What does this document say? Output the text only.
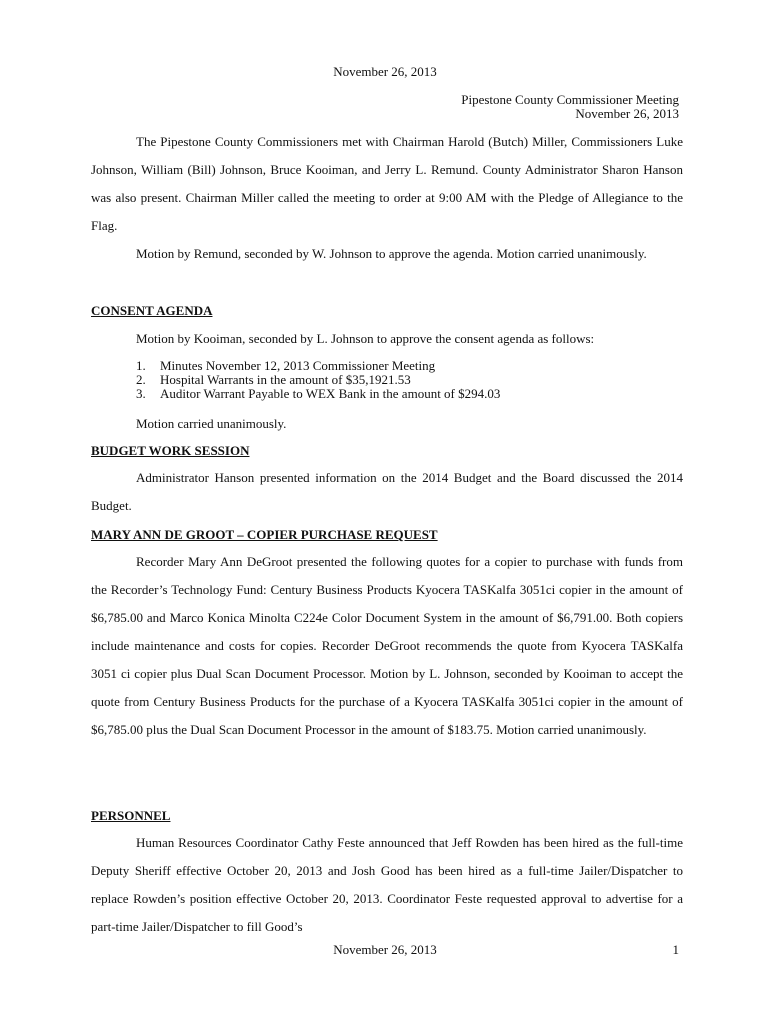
November 26, 2013
Pipestone County Commissioner Meeting
November 26, 2013

The Pipestone County Commissioners met with Chairman Harold (Butch) Miller, Commissioners Luke Johnson, William (Bill) Johnson, Bruce Kooiman, and Jerry L. Remund. County Administrator Sharon Hanson was also present. Chairman Miller called the meeting to order at 9:00 AM with the Pledge of Allegiance to the Flag.

Motion by Remund, seconded by W. Johnson to approve the agenda. Motion carried unanimously.

CONSENT AGENDA
Motion by Kooiman, seconded by L. Johnson to approve the consent agenda as follows:
1.	Minutes November 12, 2013 Commissioner Meeting
2.	Hospital Warrants in the amount of $35,1921.53
3.	Auditor Warrant Payable to WEX Bank in the amount of $294.03
Motion carried unanimously.
BUDGET WORK SESSION

Administrator Hanson presented information on the 2014 Budget and the Board discussed the 2014 Budget.

MARY ANN DE GROOT – COPIER PURCHASE REQUEST

Recorder Mary Ann DeGroot presented the following quotes for a copier to purchase with funds from the Recorder’s Technology Fund: Century Business Products Kyocera TASKalfa 3051ci copier in the amount of $6,785.00 and Marco Konica Minolta C224e Color Document System in the amount of $6,791.00. Both copiers include maintenance and costs for copies. Recorder DeGroot recommends the quote from Kyocera TASKalfa 3051 ci copier plus Dual Scan Document Processor. Motion by L. Johnson, seconded by Kooiman to accept the quote from Century Business Products for the purchase of a Kyocera TASKalfa 3051ci copier in the amount of $6,785.00 plus the Dual Scan Document Processor in the amount of $183.75. Motion carried unanimously.

PERSONNEL

Human Resources Coordinator Cathy Feste announced that Jeff Rowden has been hired as the full-time Deputy Sheriff effective October 20, 2013 and Josh Good has been hired as a full-time Jailer/Dispatcher to replace Rowden’s position effective October 20, 2013. Coordinator Feste requested approval to advertise for a part-time Jailer/Dispatcher to fill Good’s

November 26, 2013	1
